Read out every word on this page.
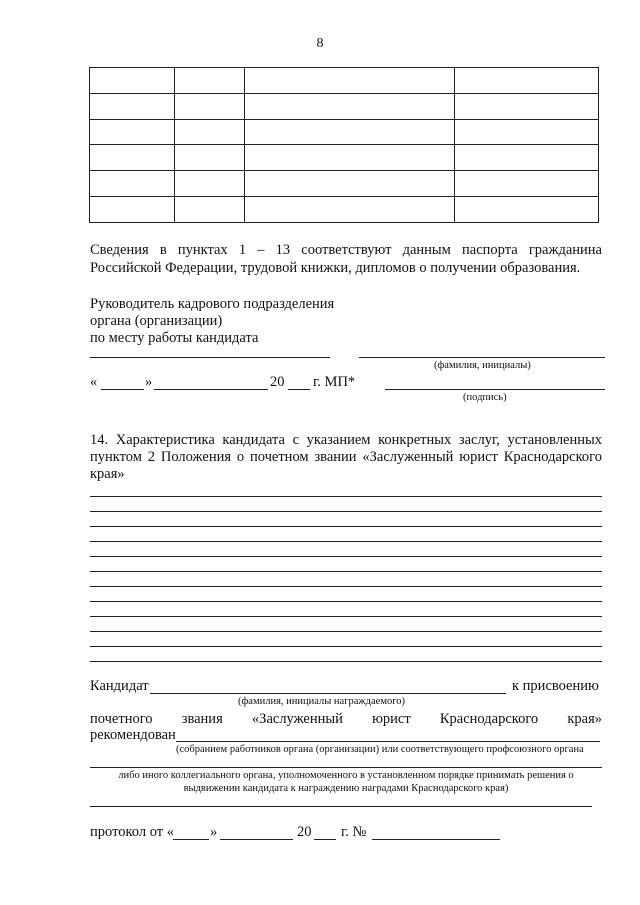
8

Сведения в пунктах 1 – 13 соответствуют данным паспорта гражданина
Российской Федерации, трудовой книжки, дипломов о получении образования.
Руководитель кадрового подразделения
органа (организации)
по месту работы кандидата
(фамилия, инициалы)
«	»	20 г. МП*
(подпись)
14. Характеристика кандидата с указанием конкретных заслуг, установленных
пунктом 2 Положения о почетном звании «Заслуженный юрист Краснодарского
края»
Кандидат	к присвоению
(фамилия, инициалы награждаемого)
почетного звания «Заслуженный юрист Краснодарского края»
рекомендован
(собранием работников органа (организации) или соответствующего профсоюзного органа
либо иного коллегиального органа, уполномоченного в установленном порядке принимать решения о
выдвижении кандидата к награждению наградами Краснодарского края)
протокол от « »	20 г. №
